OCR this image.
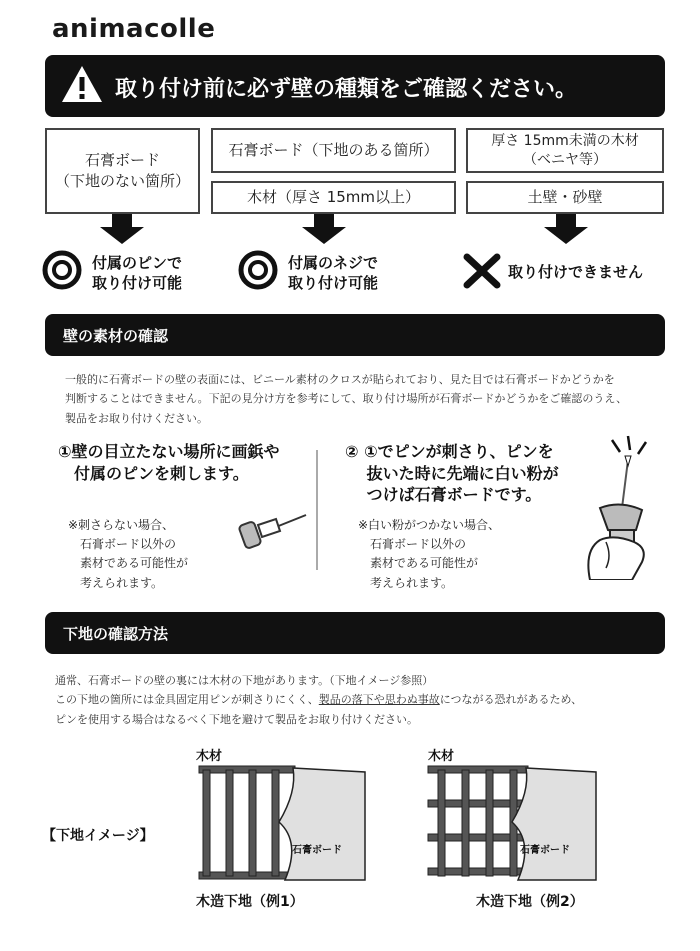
animacolle
取り付け前に必ず壁の種類をご確認ください。
石膏ボード
（下地のない箇所）
石膏ボード（下地のある箇所）
木材（厚さ 15mm以上）
厚さ 15mm未満の木材
（ベニヤ等）
土壁・砂壁
付属のピンで
取り付け可能
付属のネジで
取り付け可能
取り付けできません
壁の素材の確認
一般的に石膏ボードの壁の表面には、ビニール素材のクロスが貼られており、見た目では石膏ボードかどうかを
判断することはできません。下記の見分け方を参考にして、取り付け場所が石膏ボードかどうかをご確認のうえ、
製品をお取り付けください。
①壁の目立たない場所に画鋲や
　付属のピンを刺します。
※刺さらない場合、
　石膏ボード以外の
　素材である可能性が
　考えられます。
② ①でピンが刺さり、ピンを
　 抜いた時に先端に白い粉が
　 つけば石膏ボードです。
※白い粉がつかない場合、
　石膏ボード以外の
　素材である可能性が
　考えられます。
下地の確認方法
通常、石膏ボードの壁の裏には木材の下地があります。（下地イメージ参照）
この下地の箇所には金具固定用ピンが刺さりにくく、製品の落下や思わぬ事故につながる恐れがあるため、
ピンを使用する場合はなるべく下地を避けて製品をお取り付けください。
【下地イメージ】
木材
石膏ボード
木造下地（例1）
木材
石膏ボード
木造下地（例2）
